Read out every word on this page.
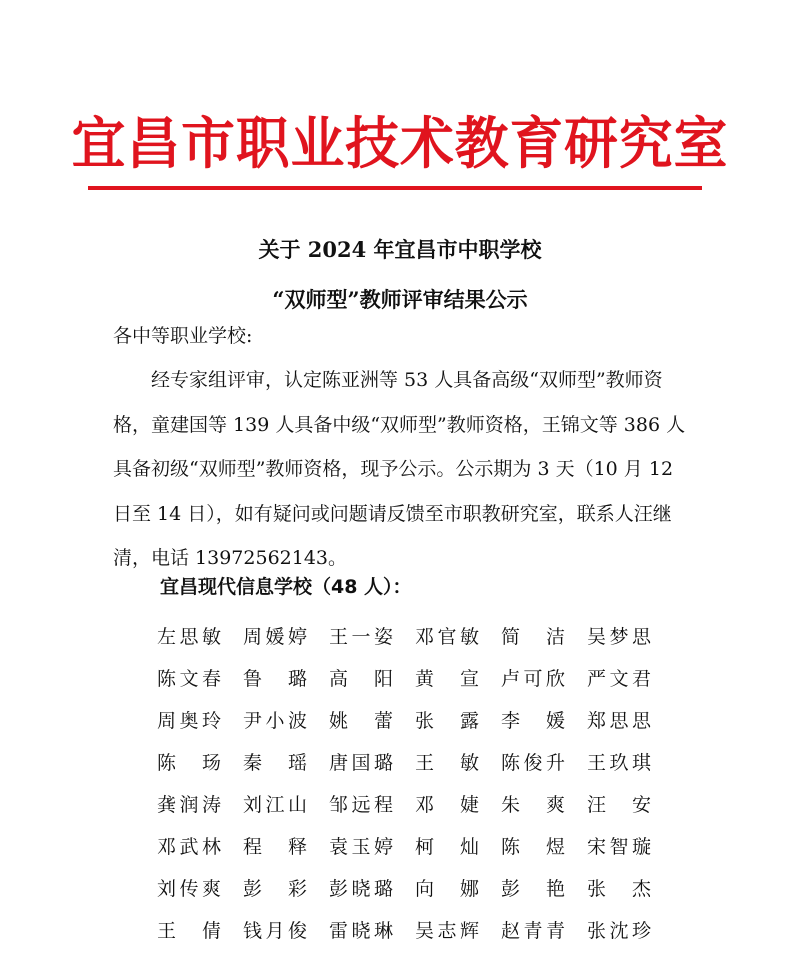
宜昌市职业技术教育研究室
关于 2024 年宜昌市中职学校
“双师型”教师评审结果公示
各中等职业学校:

经专家组评审，认定陈亚洲等 53 人具备高级“双师型”教师资格，童建国等 139 人具备中级“双师型”教师资格，王锦文等 386 人具备初级“双师型”教师资格，现予公示。公示期为 3 天（10 月 12 日至 14 日），如有疑问或问题请反馈至市职教研究室，联系人汪继清，电话 13972562143。

宜昌现代信息学校（48 人）：
左思敏	周媛婷	王一姿	邓官敏	简洁	吴梦思
陈文春	鲁璐	高阳	黄宣	卢可欣	严文君
周奥玲	尹小波	姚蕾	张露	李媛	郑思思
陈玚	秦瑶	唐国璐	王敏	陈俊升	王玖琪
龚润涛	刘江山	邹远程	邓婕	朱爽	汪安
邓武林	程释	袁玉婷	柯灿	陈煜	宋智璇
刘传爽	彭彩	彭晓璐	向娜	彭艳	张杰
王倩	钱月俊	雷晓琳	吴志辉	赵青青	张沈珍
